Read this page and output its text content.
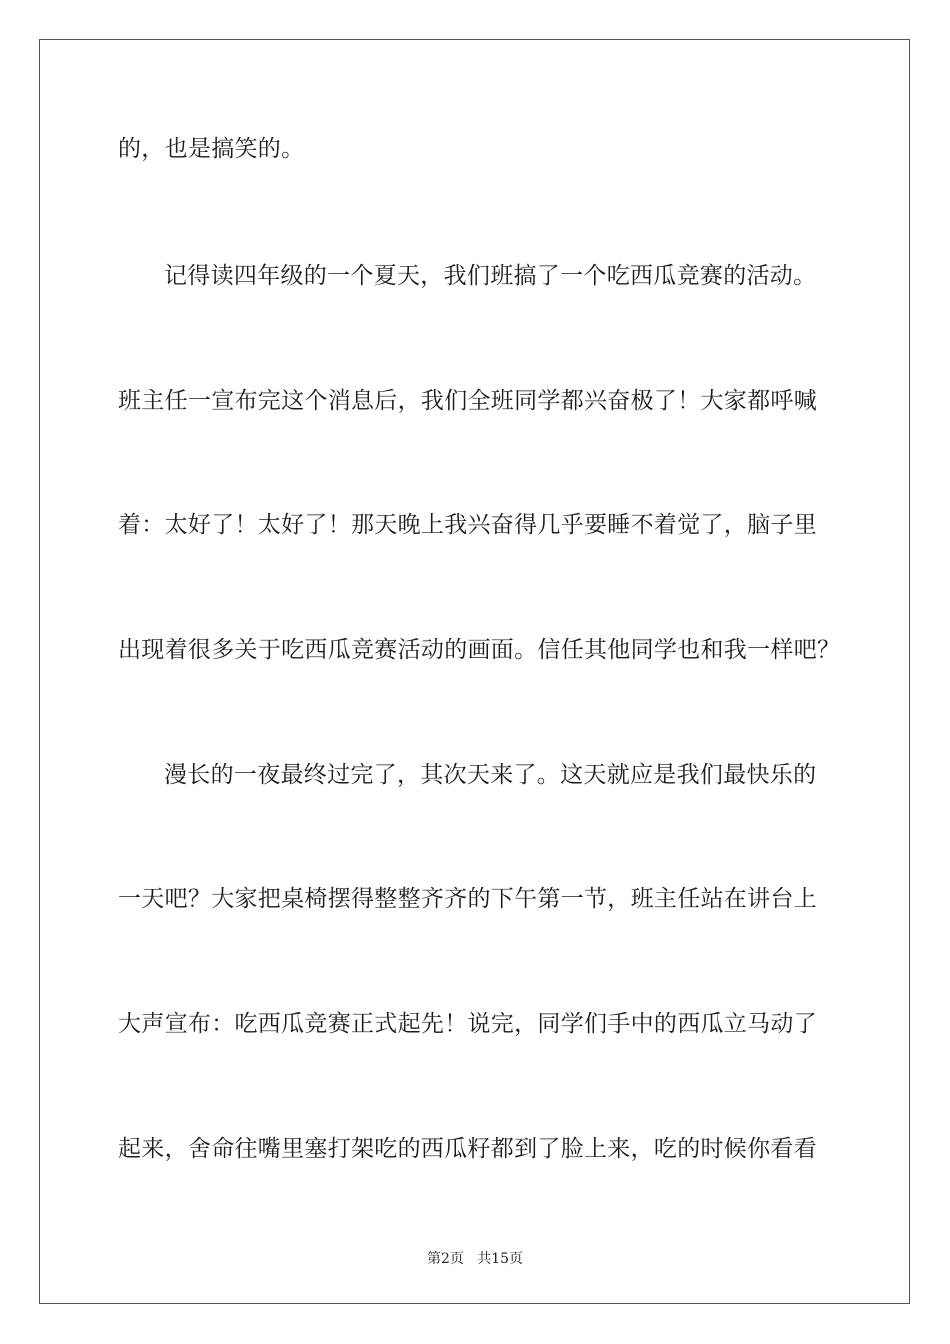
的，也是搞笑的。
记得读四年级的一个夏天，我们班搞了一个吃西瓜竞赛的活动。
班主任一宣布完这个消息后，我们全班同学都兴奋极了！大家都呼喊
着：太好了！太好了！那天晚上我兴奋得几乎要睡不着觉了，脑子里
出现着很多关于吃西瓜竞赛活动的画面。信任其他同学也和我一样吧？
漫长的一夜最终过完了，其次天来了。这天就应是我们最快乐的
一天吧？大家把桌椅摆得整整齐齐的下午第一节，班主任站在讲台上
大声宣布：吃西瓜竞赛正式起先！说完，同学们手中的西瓜立马动了
起来，舍命往嘴里塞打架吃的西瓜籽都到了脸上来，吃的时候你看看
第2页   共15页
